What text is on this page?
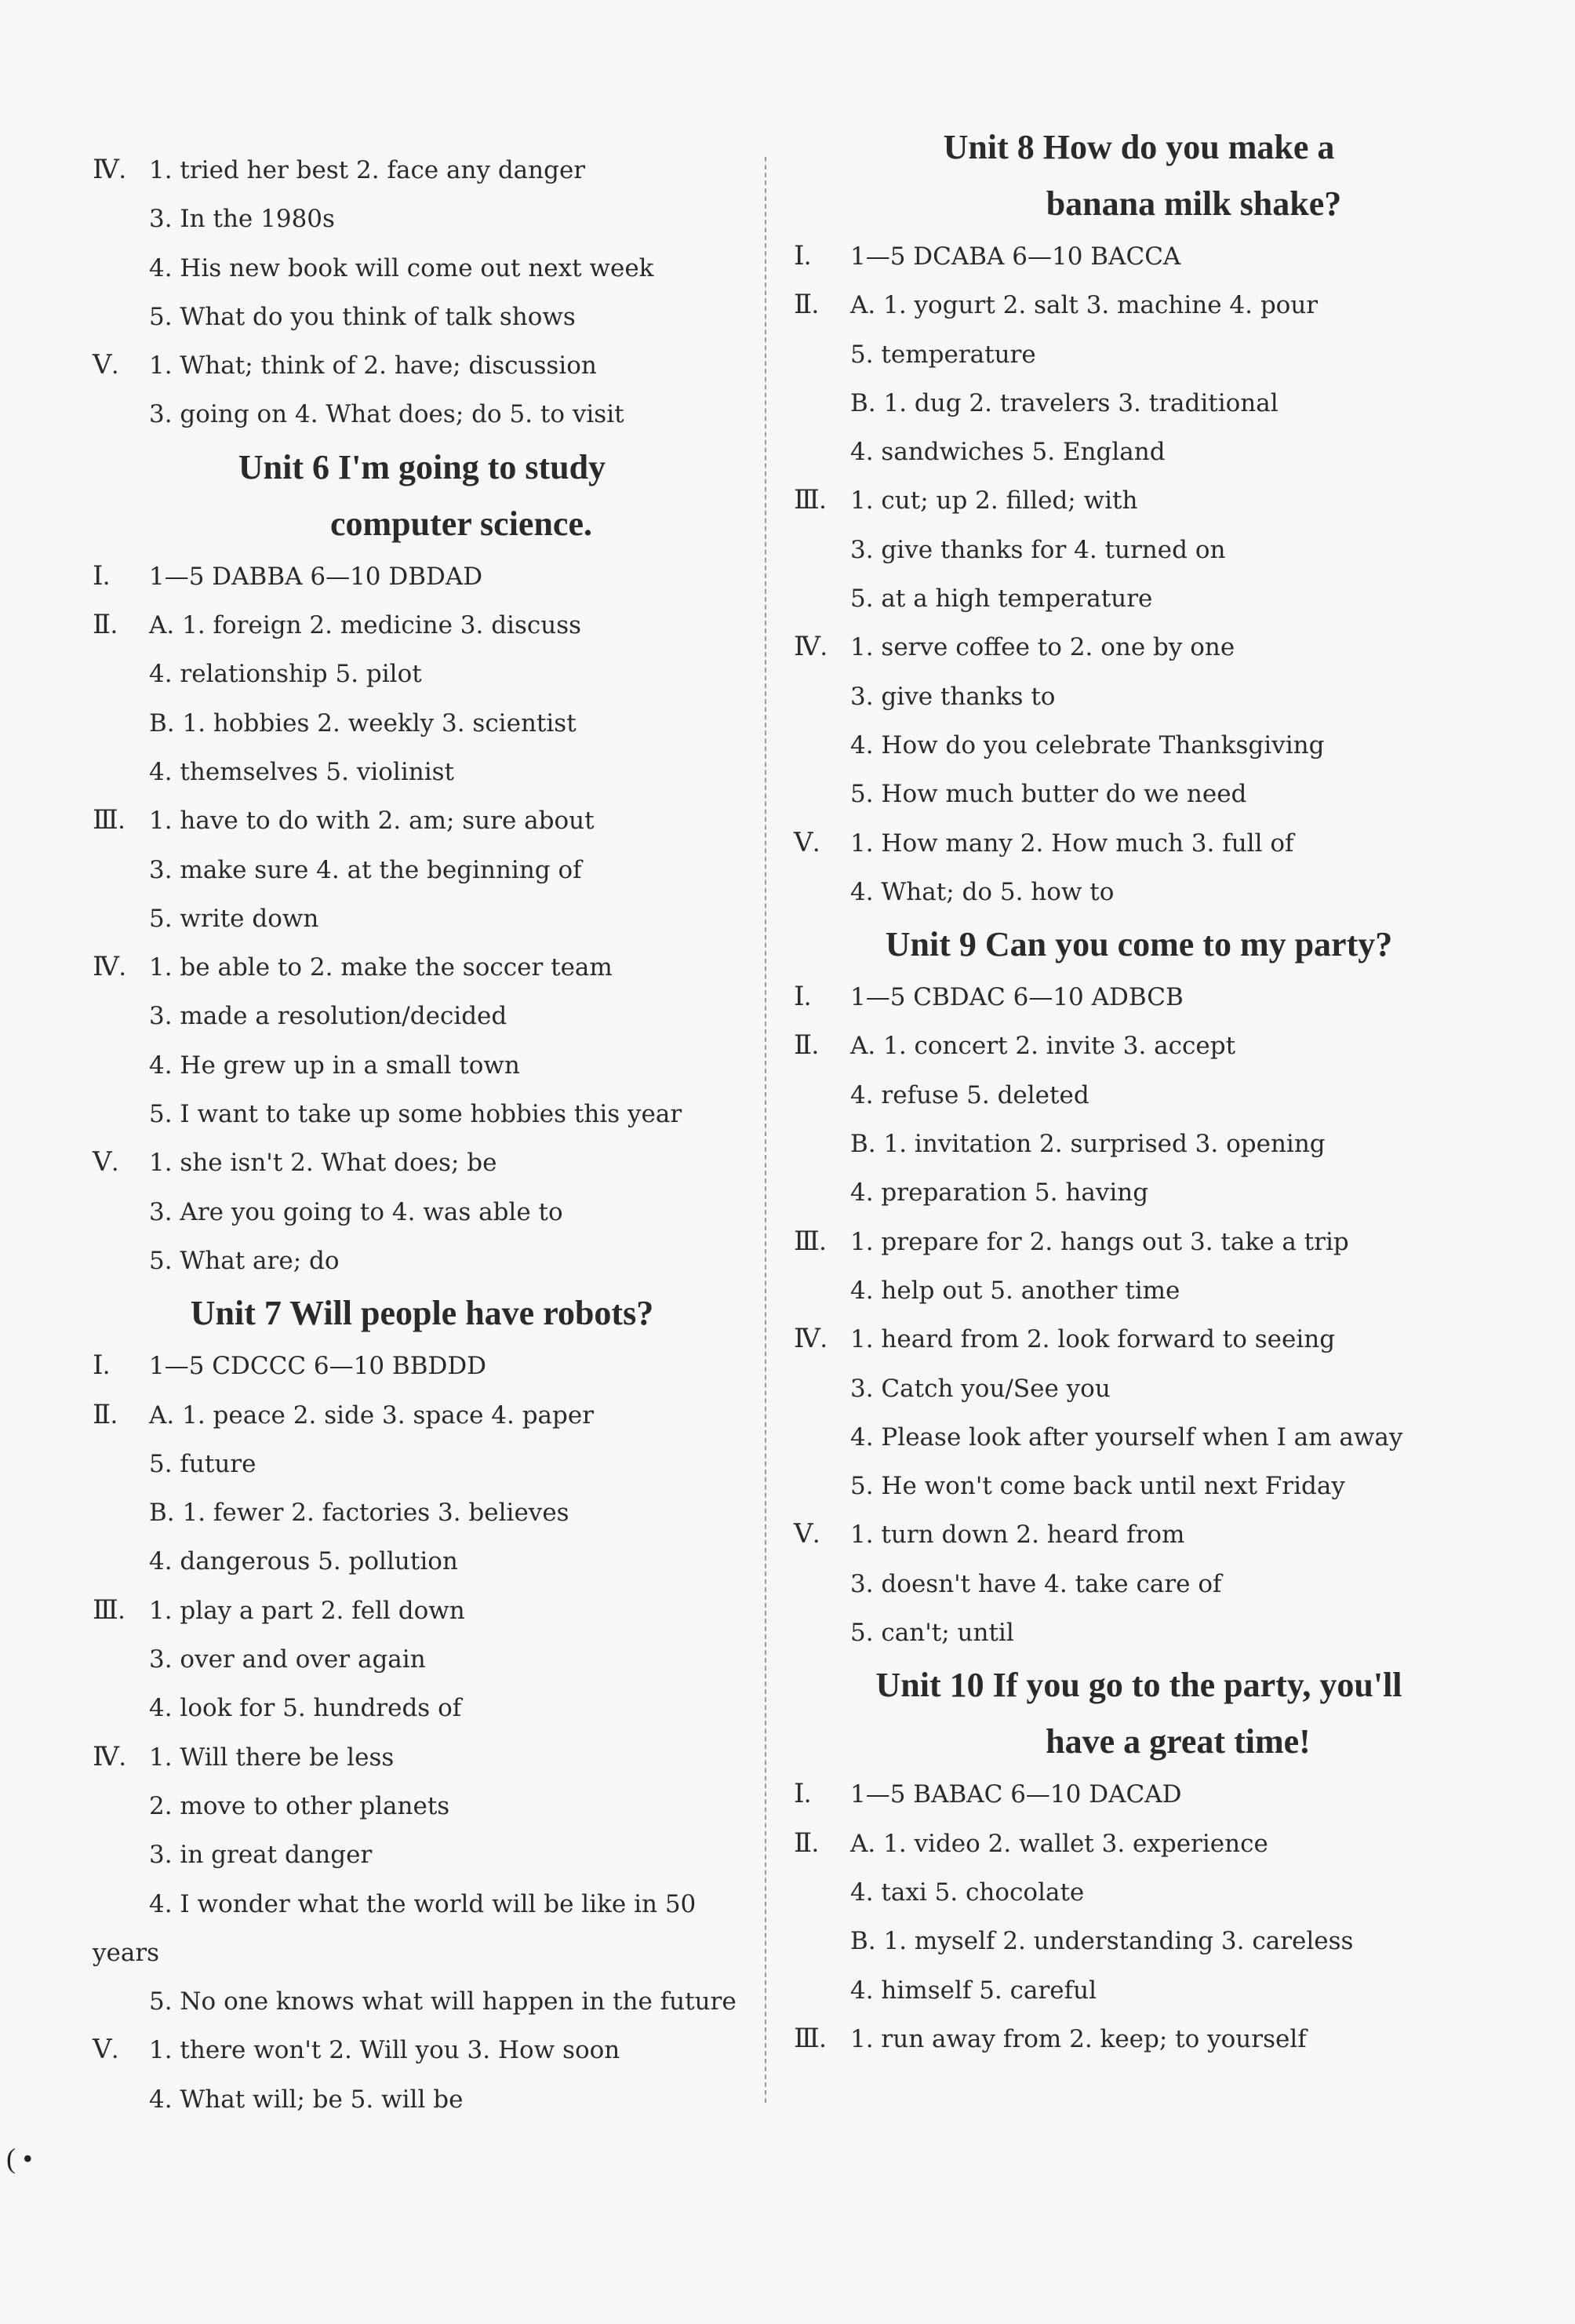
Ⅳ. 1. tried her best 2. face any danger
3. In the 1980s
4. His new book will come out next week
5. What do you think of talk shows
Ⅴ.	1. What; think of 2. have; discussion
3. going on 4. What does; do 5. to visit
Unit 6 I'm going to study
computer science.
Ⅰ.	1—5 DABBA 6—10 DBDAD
Ⅱ.	A. 1. foreign 2. medicine 3. discuss
4. relationship 5. pilot
B. 1. hobbies 2. weekly 3. scientist
4. themselves 5. violinist
Ⅲ. 1. have to do with 2. am; sure about
3. make sure 4. at the beginning of
5. write down
Ⅳ. 1. be able to 2. make the soccer team
3. made a resolution/decided
4. He grew up in a small town
5. I want to take up some hobbies this year
Ⅴ.	1. she isn't 2. What does; be
3. Are you going to 4. was able to
5. What are; do
Unit 7 Will people have robots?
Ⅰ.	1—5 CDCCC 6—10 BBDDD
Ⅱ.	A. 1. peace 2. side 3. space 4. paper
5. future
B. 1. fewer 2. factories 3. believes
4. dangerous 5. pollution
Ⅲ. 1. play a part 2. fell down
3. over and over again
4. look for 5. hundreds of
Ⅳ. 1. Will there be less
2. move to other planets
3. in great danger
4. I wonder what the world will be like in 50
years
5. No one knows what will happen in the future
Ⅴ.	1. there won't 2. Will you 3. How soon
4. What will; be 5. will be
Unit 8 How do you make a
banana milk shake?
Ⅰ.	1—5 DCABA 6—10 BACCA
Ⅱ.	A. 1. yogurt 2. salt 3. machine 4. pour
5. temperature
B. 1. dug 2. travelers 3. traditional
4. sandwiches 5. England
Ⅲ. 1. cut; up 2. filled; with
3. give thanks for 4. turned on
5. at a high temperature
Ⅳ. 1. serve coffee to 2. one by one
3. give thanks to
4. How do you celebrate Thanksgiving
5. How much butter do we need
Ⅴ.	1. How many 2. How much 3. full of
4. What; do 5. how to
Unit 9 Can you come to my party?
Ⅰ.	1—5 CBDAC 6—10 ADBCB
Ⅱ.	A. 1. concert 2. invite 3. accept
4. refuse 5. deleted
B. 1. invitation 2. surprised 3. opening
4. preparation 5. having
Ⅲ. 1. prepare for 2. hangs out 3. take a trip
4. help out 5. another time
Ⅳ. 1. heard from 2. look forward to seeing
3. Catch you/See you
4. Please look after yourself when I am away
5. He won't come back until next Friday
Ⅴ.	1. turn down 2. heard from
3. doesn't have 4. take care of
5. can't; until
Unit 10 If you go to the party, you'll
have a great time!
Ⅰ.	1—5 BABAC 6—10 DACAD
Ⅱ.	A. 1. video 2. wallet 3. experience
4. taxi 5. chocolate
B. 1. myself 2. understanding 3. careless
4. himself 5. careful
Ⅲ. 1. run away from 2. keep; to yourself
( •
